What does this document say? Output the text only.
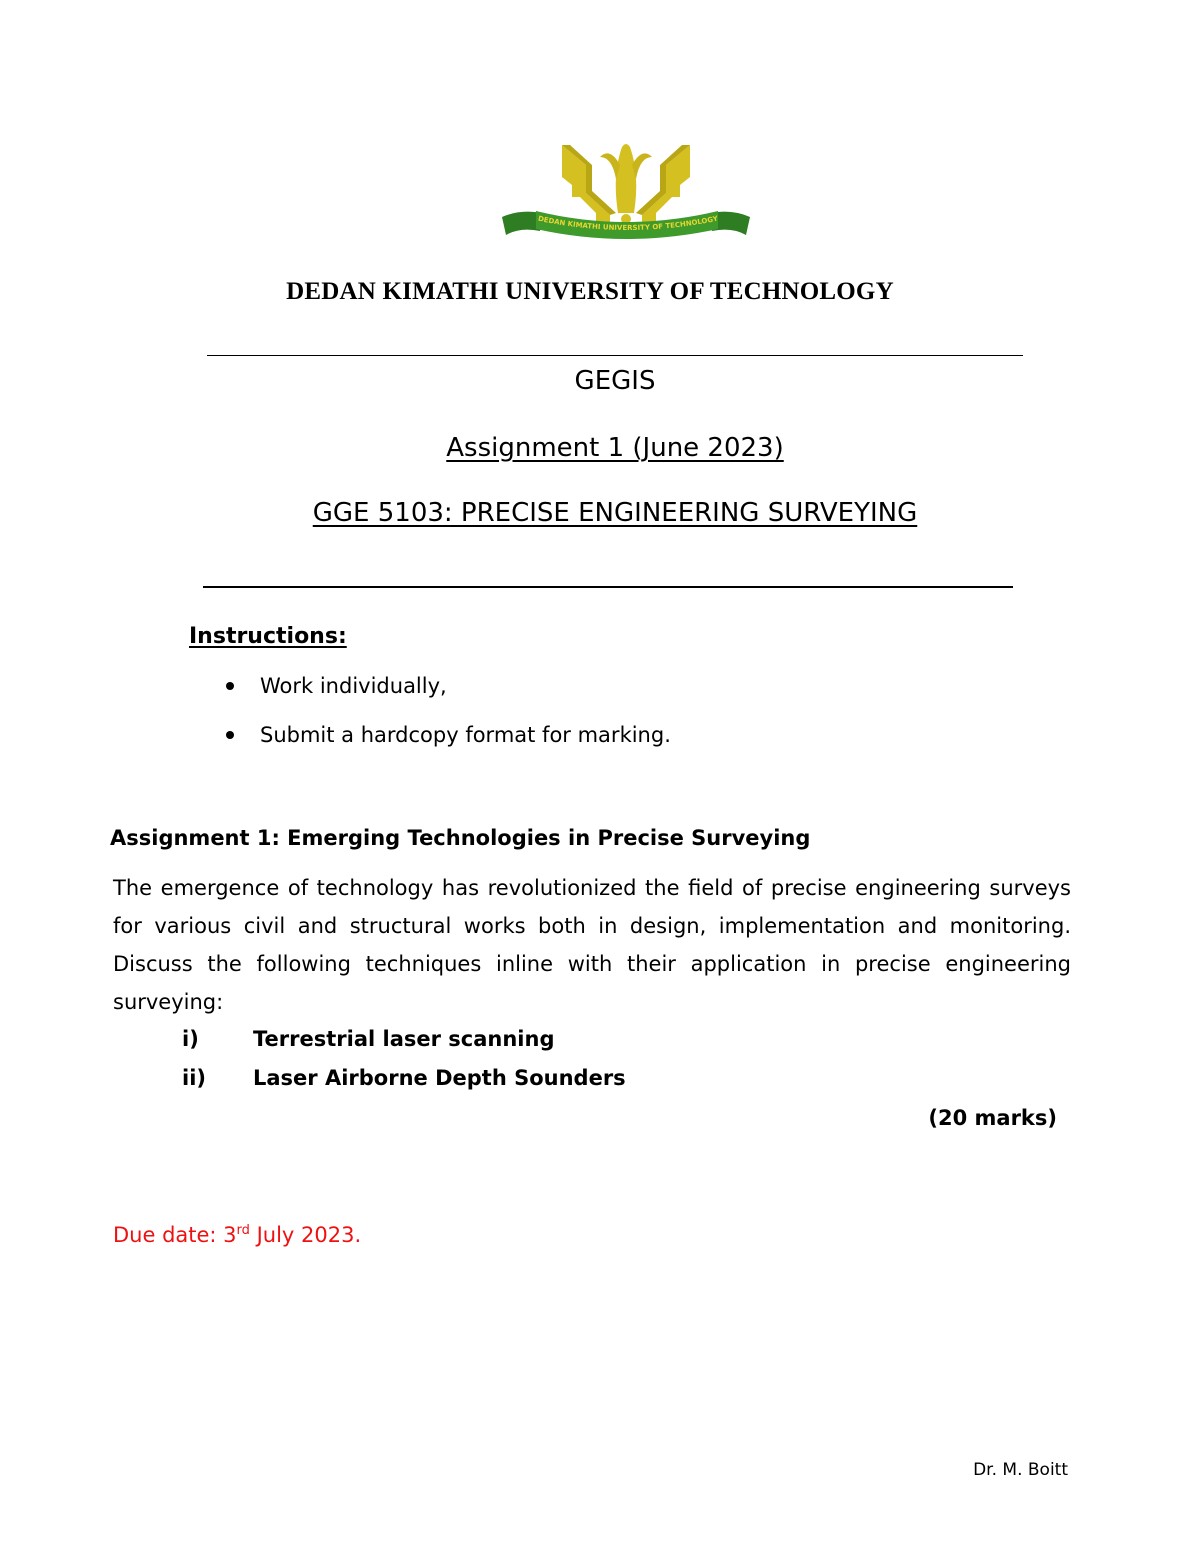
DEDAN KIMATHI UNIVERSITY OF TECHNOLOGY
DEDAN KIMATHI UNIVERSITY OF TECHNOLOGY
GEGIS
Assignment 1 (June 2023)
GGE 5103: PRECISE ENGINEERING SURVEYING
Instructions:
Work individually,
Submit a hardcopy format for marking.
Assignment 1: Emerging Technologies in Precise Surveying
The emergence of technology has revolutionized the field of precise engineering surveys for various civil and structural works both in design, implementation and monitoring. Discuss the following techniques inline with their application in precise engineering surveying:
i)	Terrestrial laser scanning
ii) Laser Airborne Depth Sounders
(20 marks)
Due date: 3rd July 2023.
Dr. M. Boitt
